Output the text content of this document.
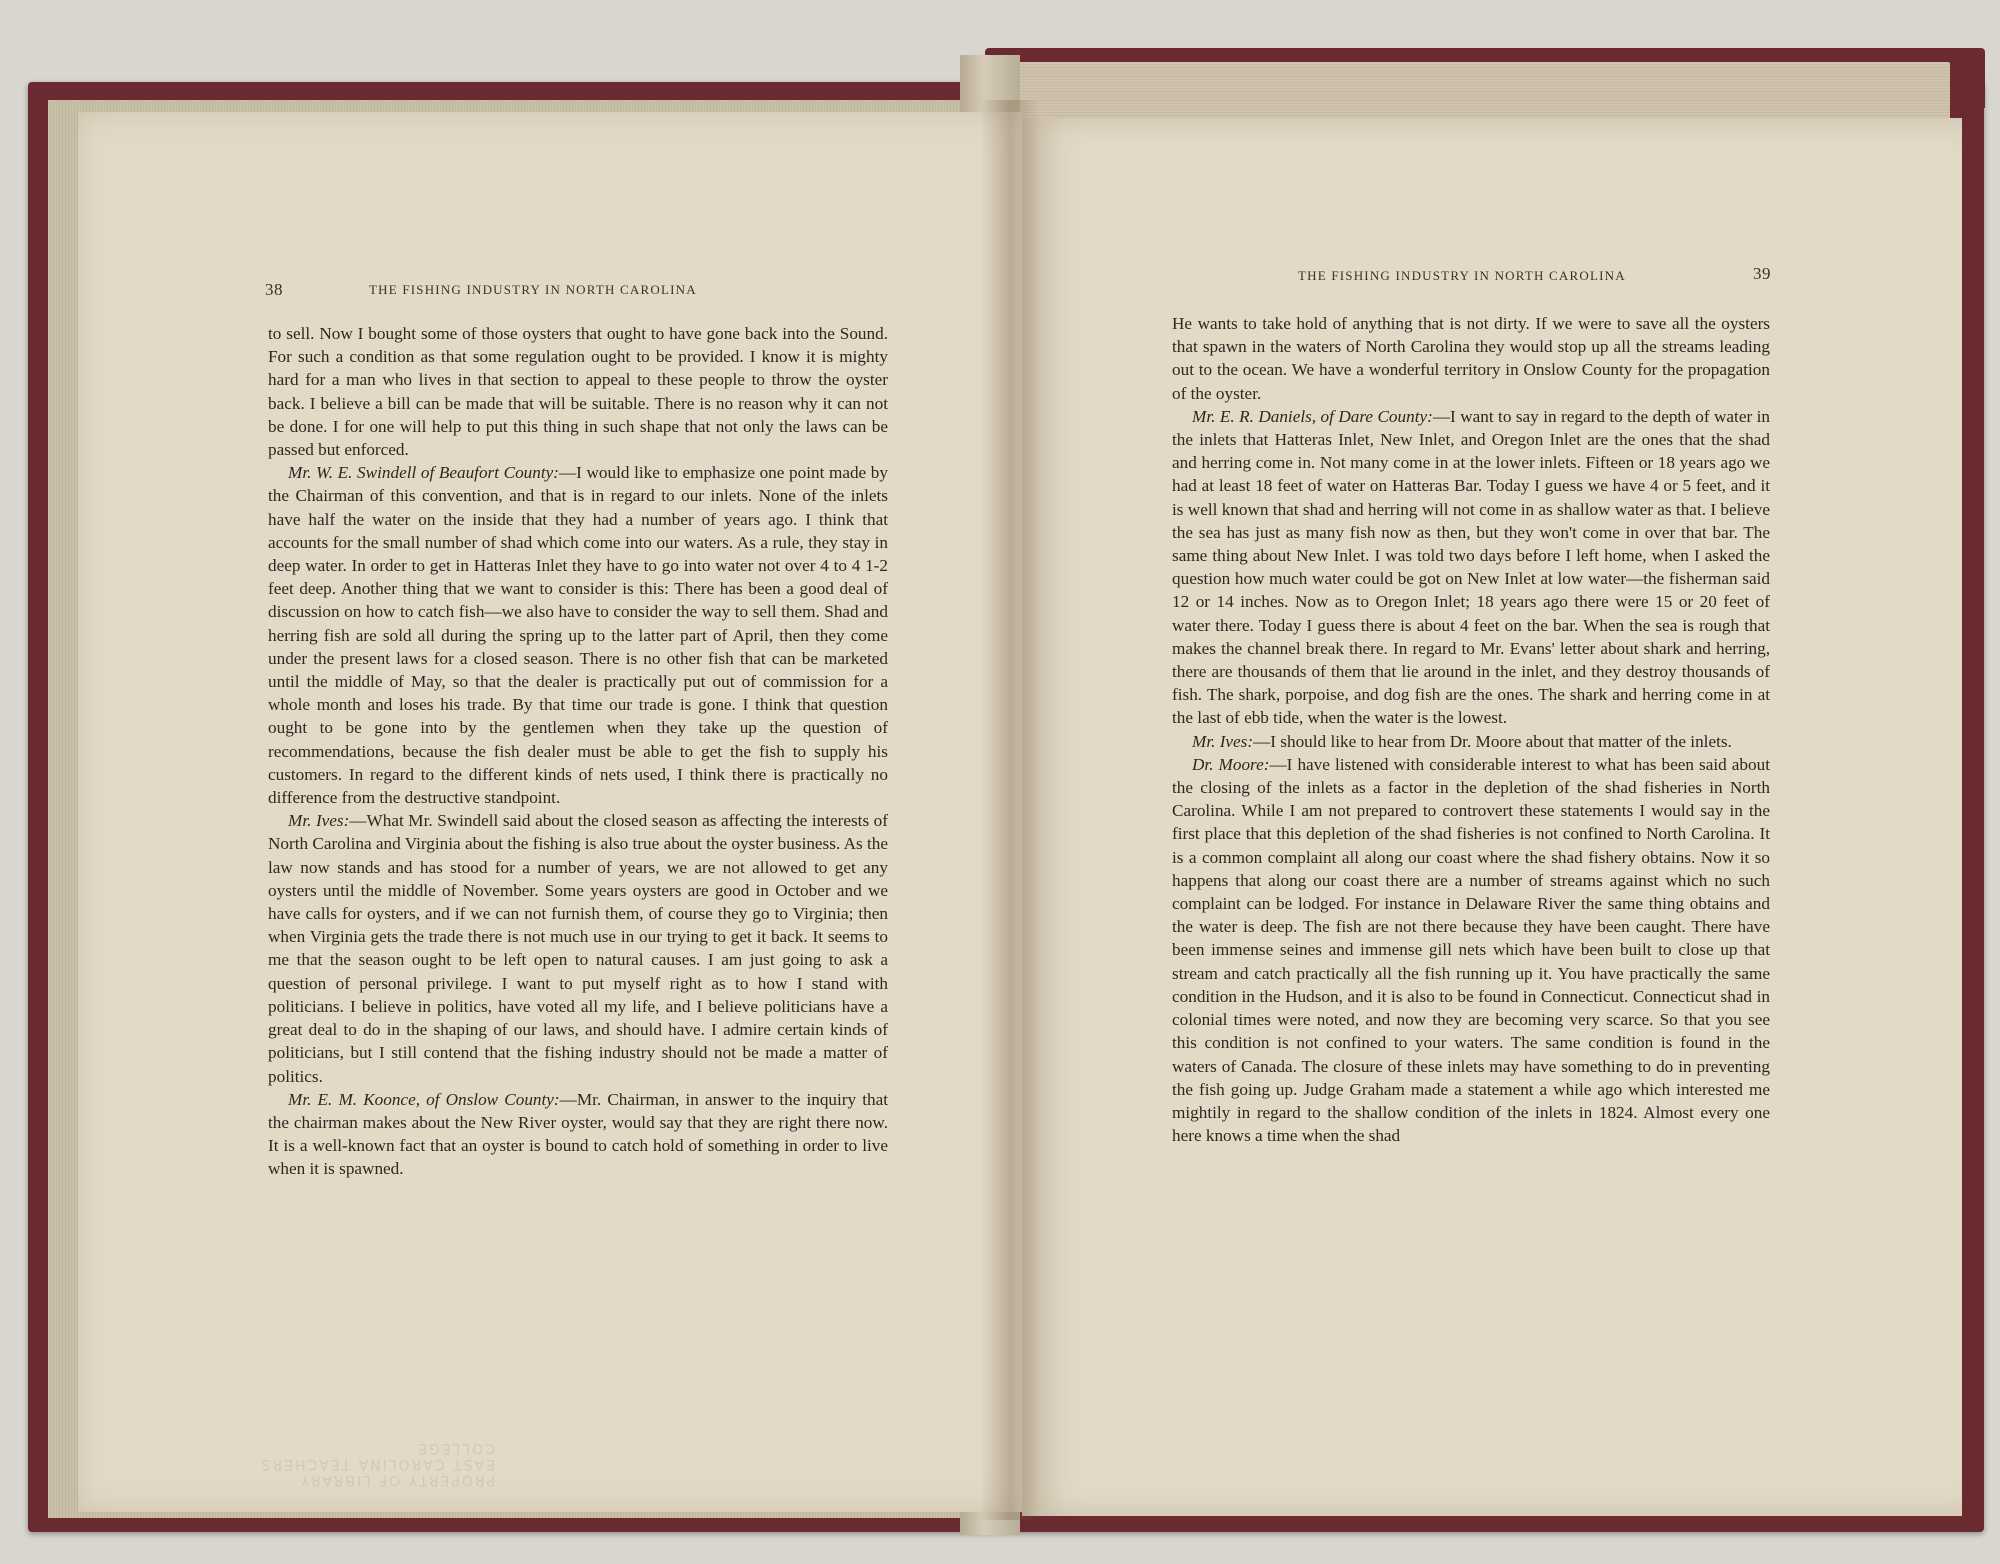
38	THE FISHING INDUSTRY IN NORTH CAROLINA

to sell. Now I bought some of those oysters that ought to have gone back into the Sound. For such a condition as that some regulation ought to be provided. I know it is mighty hard for a man who lives in that section to appeal to these people to throw the oyster back. I believe a bill can be made that will be suitable. There is no reason why it can not be done. I for one will help to put this thing in such shape that not only the laws can be passed but enforced.

Mr. W. E. Swindell of Beaufort County:—I would like to emphasize one point made by the Chairman of this convention, and that is in regard to our inlets. None of the inlets have half the water on the inside that they had a number of years ago. I think that accounts for the small number of shad which come into our waters. As a rule, they stay in deep water. In order to get in Hatteras Inlet they have to go into water not over 4 to 4 1-2 feet deep. Another thing that we want to consider is this: There has been a good deal of discussion on how to catch fish—we also have to consider the way to sell them. Shad and herring fish are sold all during the spring up to the latter part of April, then they come under the present laws for a closed season. There is no other fish that can be marketed until the middle of May, so that the dealer is practically put out of commission for a whole month and loses his trade. By that time our trade is gone. I think that question ought to be gone into by the gentlemen when they take up the question of recommendations, because the fish dealer must be able to get the fish to supply his customers. In regard to the different kinds of nets used, I think there is practically no difference from the destructive standpoint.

Mr. Ives:—What Mr. Swindell said about the closed season as affecting the interests of North Carolina and Virginia about the fishing is also true about the oyster business. As the law now stands and has stood for a number of years, we are not allowed to get any oysters until the middle of November. Some years oysters are good in October and we have calls for oysters, and if we can not furnish them, of course they go to Virginia; then when Virginia gets the trade there is not much use in our trying to get it back. It seems to me that the season ought to be left open to natural causes. I am just going to ask a question of personal privilege. I want to put myself right as to how I stand with politicians. I believe in politics, have voted all my life, and I believe politicians have a great deal to do in the shaping of our laws, and should have. I admire certain kinds of politicians, but I still contend that the fishing industry should not be made a matter of politics.

Mr. E. M. Koonce, of Onslow County:—Mr. Chairman, in answer to the inquiry that the chairman makes about the New River oyster, would say that they are right there now. It is a well-known fact that an oyster is bound to catch hold of something in order to live when it is spawned.

THE FISHING INDUSTRY IN NORTH CAROLINA	39

He wants to take hold of anything that is not dirty. If we were to save all the oysters that spawn in the waters of North Carolina they would stop up all the streams leading out to the ocean. We have a wonderful territory in Onslow County for the propagation of the oyster.

Mr. E. R. Daniels, of Dare County:—I want to say in regard to the depth of water in the inlets that Hatteras Inlet, New Inlet, and Oregon Inlet are the ones that the shad and herring come in. Not many come in at the lower inlets. Fifteen or 18 years ago we had at least 18 feet of water on Hatteras Bar. Today I guess we have 4 or 5 feet, and it is well known that shad and herring will not come in as shallow water as that. I believe the sea has just as many fish now as then, but they won't come in over that bar. The same thing about New Inlet. I was told two days before I left home, when I asked the question how much water could be got on New Inlet at low water—the fisherman said 12 or 14 inches. Now as to Oregon Inlet; 18 years ago there were 15 or 20 feet of water there. Today I guess there is about 4 feet on the bar. When the sea is rough that makes the channel break there. In regard to Mr. Evans' letter about shark and herring, there are thousands of them that lie around in the inlet, and they destroy thousands of fish. The shark, porpoise, and dog fish are the ones. The shark and herring come in at the last of ebb tide, when the water is the lowest.

Mr. Ives:—I should like to hear from Dr. Moore about that matter of the inlets.

Dr. Moore:—I have listened with considerable interest to what has been said about the closing of the inlets as a factor in the depletion of the shad fisheries in North Carolina. While I am not prepared to controvert these statements I would say in the first place that this depletion of the shad fisheries is not confined to North Carolina. It is a common complaint all along our coast where the shad fishery obtains. Now it so happens that along our coast there are a number of streams against which no such complaint can be lodged. For instance in Delaware River the same thing obtains and the water is deep. The fish are not there because they have been caught. There have been immense seines and immense gill nets which have been built to close up that stream and catch practically all the fish running up it. You have practically the same condition in the Hudson, and it is also to be found in Connecticut. Connecticut shad in colonial times were noted, and now they are becoming very scarce. So that you see this condition is not confined to your waters. The same condition is found in the waters of Canada. The closure of these inlets may have something to do in preventing the fish going up. Judge Graham made a statement a while ago which interested me mightily in regard to the shallow condition of the inlets in 1824. Almost every one here knows a time when the shad

PROPERTY OF LIBRARY
EAST CAROLINA TEACHERS COLLEGE
